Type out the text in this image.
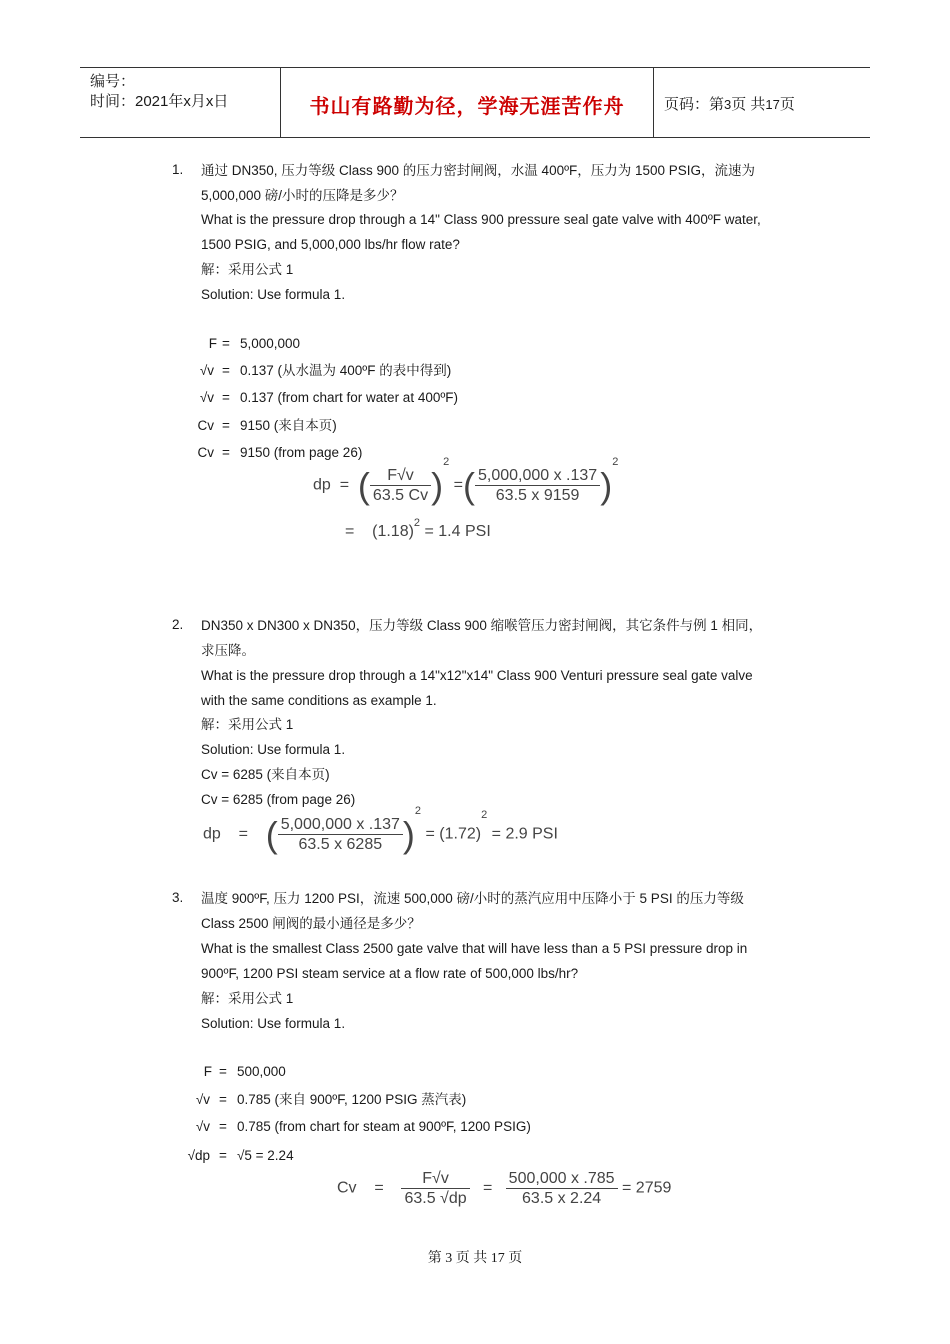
编号：
时间：2021年x月x日	书山有路勤为径，学海无涯苦作舟	页码：第3页 共17页
1. 通过 DN350, 压力等级 Class 900 的压力密封闸阀，水温 400ºF，压力为 1500 PSIG，流速为
5,000,000 磅/小时的压降是多少？
What is the pressure drop through a 14" Class 900 pressure seal gate valve with 400ºF water,
1500 PSIG, and 5,000,000 lbs/hr flow rate?
解：采用公式 1
Solution: Use formula 1.
F = 5,000,000
√v = 0.137 (从水温为 400ºF 的表中得到)
√v = 0.137 (from chart for water at 400ºF)
Cv = 9150 (来自本页)
Cv = 9150 (from page 26)
dp = ( $\frac{F√v}{63.5 Cv} )^2$ =( $\frac{5,000,000 x .137}{63.5 x 9159} )^2$
= $(1.18)^2 = 1.4$ PSI
2. DN350 x DN300 x DN350，压力等级 Class 900 缩喉管压力密封闸阀，其它条件与例 1 相同，
求压降。
What is the pressure drop through a 14"x12"x14" Class 900 Venturi pressure seal gate valve
with the same conditions as example 1.
解：采用公式 1
Solution: Use formula 1.
Cv = 6285 (来自本页)
Cv = 6285 (from page 26)
dp = ( $\frac{5,000,000 x .137}{63.5 x 6285} )^2 = (1.72)^2 = 2.9$ PSI
3. 温度 900ºF, 压力 1200 PSI，流速 500,000 磅/小时的蒸汽应用中压降小于 5 PSI 的压力等级
Class 2500 闸阀的最小通径是多少？
What is the smallest Class 2500 gate valve that will have less than a 5 PSI pressure drop in
900ºF, 1200 PSI steam service at a flow rate of 500,000 lbs/hr?
解：采用公式 1
Solution: Use formula 1.
F = 500,000
√v = 0.785 (来自 900ºF, 1200 PSIG 蒸汽表)
√v = 0.785 (from chart for steam at 900ºF, 1200 PSIG)
√dp = √5 = 2.24
$Cv = \frac{F√v}{63.5 √dp} = \frac{500,000 x .785}{63.5 x 2.24} = 2759$
第 3 页 共 17 页
